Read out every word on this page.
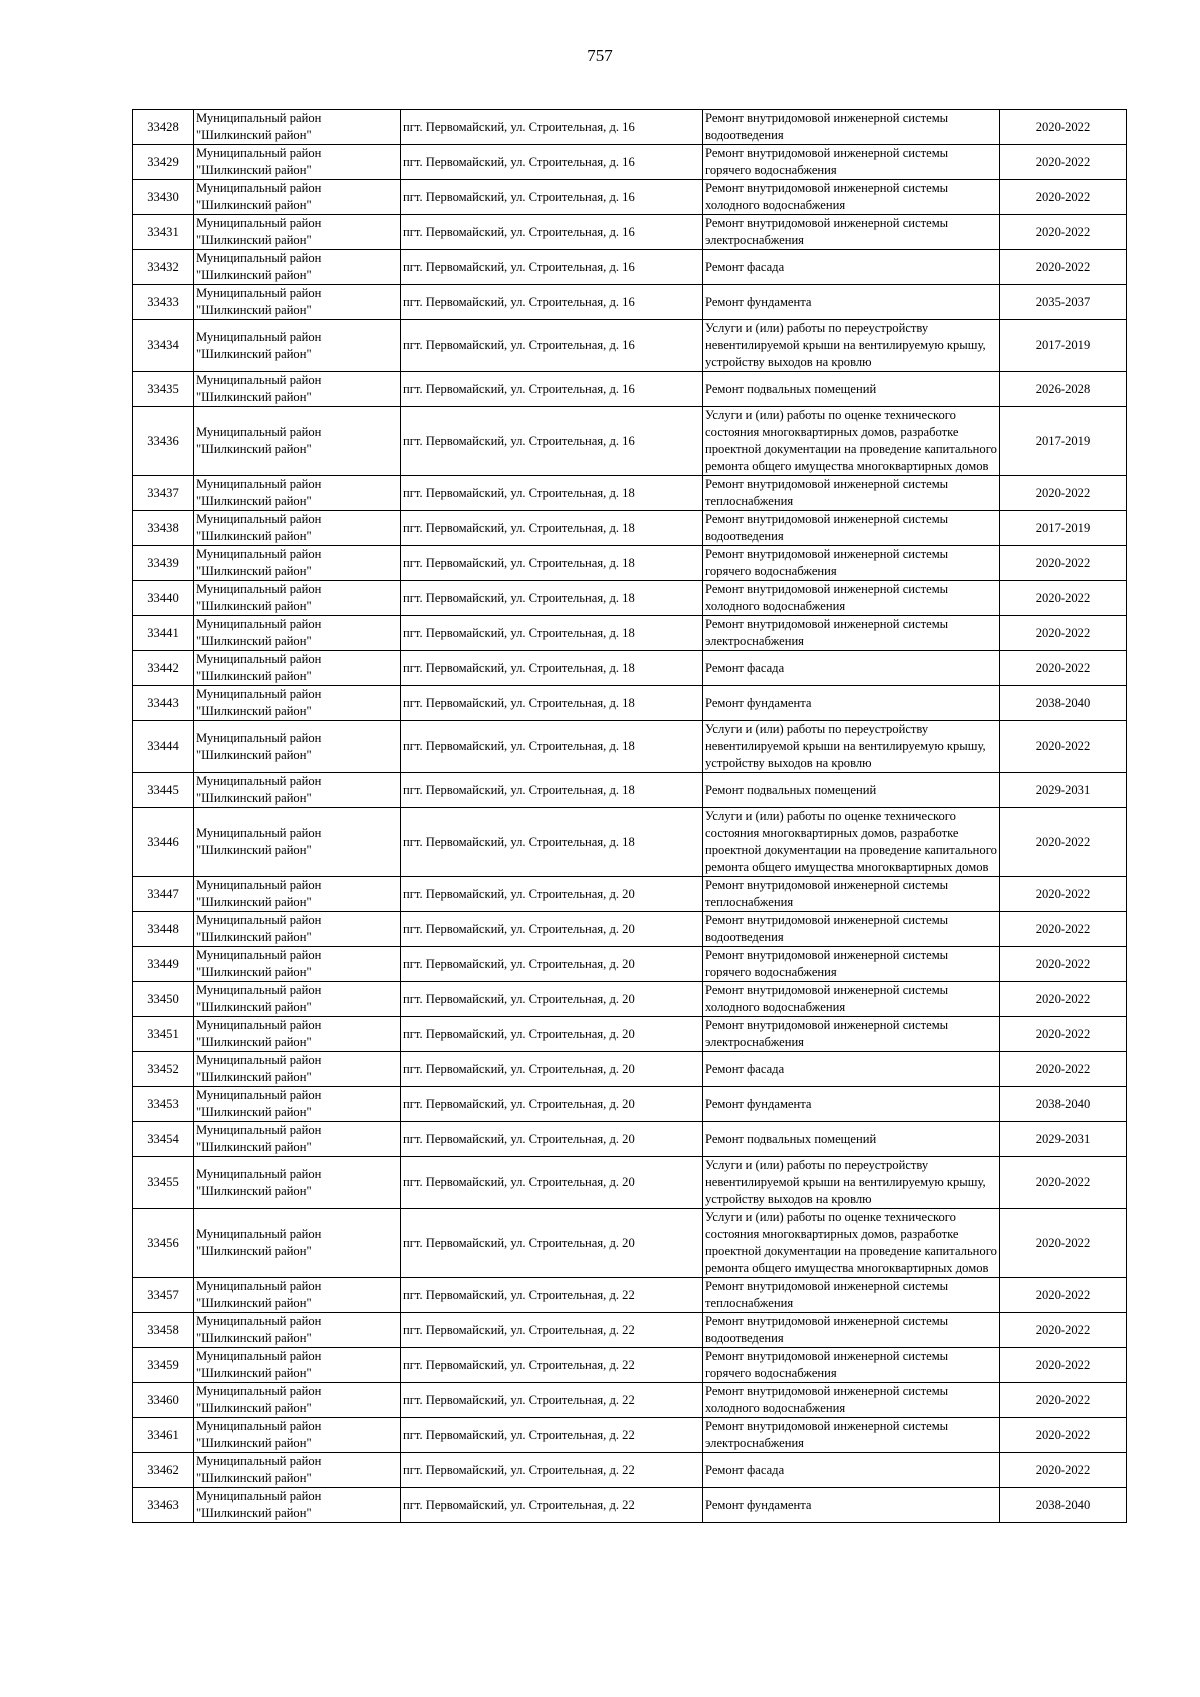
757
33428	Муниципальный район "Шилкинский район"	пгт. Первомайский, ул. Строительная, д. 16	Ремонт внутридомовой инженерной системы водоотведения	2020-2022
33429	Муниципальный район "Шилкинский район"	пгт. Первомайский, ул. Строительная, д. 16	Ремонт внутридомовой инженерной системы горячего водоснабжения	2020-2022
33430	Муниципальный район "Шилкинский район"	пгт. Первомайский, ул. Строительная, д. 16	Ремонт внутридомовой инженерной системы холодного водоснабжения	2020-2022
33431	Муниципальный район "Шилкинский район"	пгт. Первомайский, ул. Строительная, д. 16	Ремонт внутридомовой инженерной системы электроснабжения	2020-2022
33432	Муниципальный район "Шилкинский район"	пгт. Первомайский, ул. Строительная, д. 16	Ремонт фасада	2020-2022
33433	Муниципальный район "Шилкинский район"	пгт. Первомайский, ул. Строительная, д. 16	Ремонт фундамента	2035-2037
33434	Муниципальный район "Шилкинский район"	пгт. Первомайский, ул. Строительная, д. 16	Услуги и (или) работы по переустройству невентилируемой крыши на вентилируемую крышу, устройству выходов на кровлю	2017-2019
33435	Муниципальный район "Шилкинский район"	пгт. Первомайский, ул. Строительная, д. 16	Ремонт подвальных помещений	2026-2028
33436	Муниципальный район "Шилкинский район"	пгт. Первомайский, ул. Строительная, д. 16	Услуги и (или) работы по оценке технического состояния многоквартирных домов, разработке проектной документации на проведение капитального ремонта общего имущества многоквартирных домов	2017-2019
33437	Муниципальный район "Шилкинский район"	пгт. Первомайский, ул. Строительная, д. 18	Ремонт внутридомовой инженерной системы теплоснабжения	2020-2022
33438	Муниципальный район "Шилкинский район"	пгт. Первомайский, ул. Строительная, д. 18	Ремонт внутридомовой инженерной системы водоотведения	2017-2019
33439	Муниципальный район "Шилкинский район"	пгт. Первомайский, ул. Строительная, д. 18	Ремонт внутридомовой инженерной системы горячего водоснабжения	2020-2022
33440	Муниципальный район "Шилкинский район"	пгт. Первомайский, ул. Строительная, д. 18	Ремонт внутридомовой инженерной системы холодного водоснабжения	2020-2022
33441	Муниципальный район "Шилкинский район"	пгт. Первомайский, ул. Строительная, д. 18	Ремонт внутридомовой инженерной системы электроснабжения	2020-2022
33442	Муниципальный район "Шилкинский район"	пгт. Первомайский, ул. Строительная, д. 18	Ремонт фасада	2020-2022
33443	Муниципальный район "Шилкинский район"	пгт. Первомайский, ул. Строительная, д. 18	Ремонт фундамента	2038-2040
33444	Муниципальный район "Шилкинский район"	пгт. Первомайский, ул. Строительная, д. 18	Услуги и (или) работы по переустройству невентилируемой крыши на вентилируемую крышу, устройству выходов на кровлю	2020-2022
33445	Муниципальный район "Шилкинский район"	пгт. Первомайский, ул. Строительная, д. 18	Ремонт подвальных помещений	2029-2031
33446	Муниципальный район "Шилкинский район"	пгт. Первомайский, ул. Строительная, д. 18	Услуги и (или) работы по оценке технического состояния многоквартирных домов, разработке проектной документации на проведение капитального ремонта общего имущества многоквартирных домов	2020-2022
33447	Муниципальный район "Шилкинский район"	пгт. Первомайский, ул. Строительная, д. 20	Ремонт внутридомовой инженерной системы теплоснабжения	2020-2022
33448	Муниципальный район "Шилкинский район"	пгт. Первомайский, ул. Строительная, д. 20	Ремонт внутридомовой инженерной системы водоотведения	2020-2022
33449	Муниципальный район "Шилкинский район"	пгт. Первомайский, ул. Строительная, д. 20	Ремонт внутридомовой инженерной системы горячего водоснабжения	2020-2022
33450	Муниципальный район "Шилкинский район"	пгт. Первомайский, ул. Строительная, д. 20	Ремонт внутридомовой инженерной системы холодного водоснабжения	2020-2022
33451	Муниципальный район "Шилкинский район"	пгт. Первомайский, ул. Строительная, д. 20	Ремонт внутридомовой инженерной системы электроснабжения	2020-2022
33452	Муниципальный район "Шилкинский район"	пгт. Первомайский, ул. Строительная, д. 20	Ремонт фасада	2020-2022
33453	Муниципальный район "Шилкинский район"	пгт. Первомайский, ул. Строительная, д. 20	Ремонт фундамента	2038-2040
33454	Муниципальный район "Шилкинский район"	пгт. Первомайский, ул. Строительная, д. 20	Ремонт подвальных помещений	2029-2031
33455	Муниципальный район "Шилкинский район"	пгт. Первомайский, ул. Строительная, д. 20	Услуги и (или) работы по переустройству невентилируемой крыши на вентилируемую крышу, устройству выходов на кровлю	2020-2022
33456	Муниципальный район "Шилкинский район"	пгт. Первомайский, ул. Строительная, д. 20	Услуги и (или) работы по оценке технического состояния многоквартирных домов, разработке проектной документации на проведение капитального ремонта общего имущества многоквартирных домов	2020-2022
33457	Муниципальный район "Шилкинский район"	пгт. Первомайский, ул. Строительная, д. 22	Ремонт внутридомовой инженерной системы теплоснабжения	2020-2022
33458	Муниципальный район "Шилкинский район"	пгт. Первомайский, ул. Строительная, д. 22	Ремонт внутридомовой инженерной системы водоотведения	2020-2022
33459	Муниципальный район "Шилкинский район"	пгт. Первомайский, ул. Строительная, д. 22	Ремонт внутридомовой инженерной системы горячего водоснабжения	2020-2022
33460	Муниципальный район "Шилкинский район"	пгт. Первомайский, ул. Строительная, д. 22	Ремонт внутридомовой инженерной системы холодного водоснабжения	2020-2022
33461	Муниципальный район "Шилкинский район"	пгт. Первомайский, ул. Строительная, д. 22	Ремонт внутридомовой инженерной системы электроснабжения	2020-2022
33462	Муниципальный район "Шилкинский район"	пгт. Первомайский, ул. Строительная, д. 22	Ремонт фасада	2020-2022
33463	Муниципальный район "Шилкинский район"	пгт. Первомайский, ул. Строительная, д. 22	Ремонт фундамента	2038-2040
